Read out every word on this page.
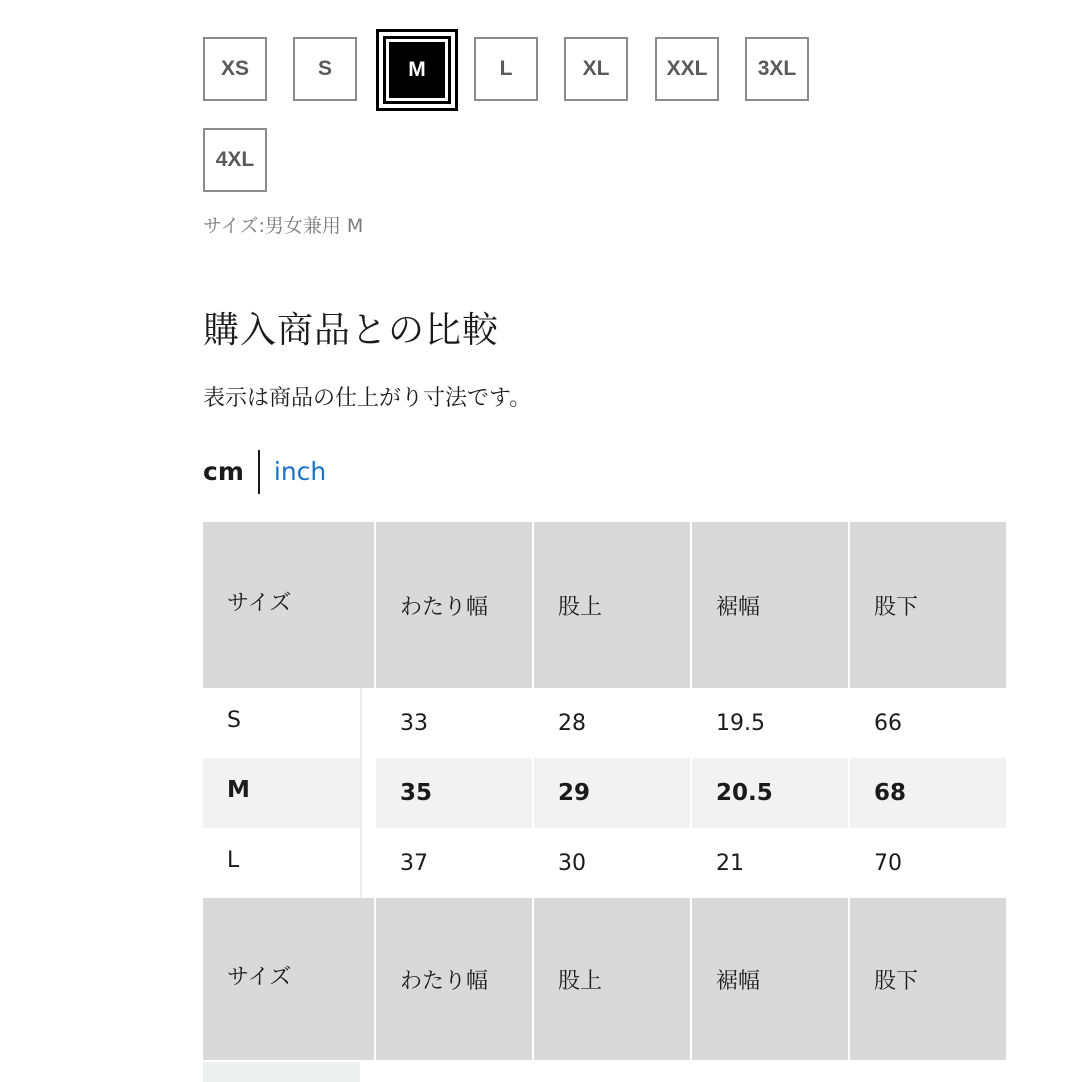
XS	S	M	L	XL	XXL 3XL
4XL
サイズ:男女兼用 M
購入商品との比較
表示は商品の仕上がり寸法です。
cm	inch
サイズ	わたり幅	股上	裾幅	股下
S	33	28	19.5	66
M	35	29	20.5	68
L	37	30	21	70
サイズ	わたり幅	股上	裾幅	股下
